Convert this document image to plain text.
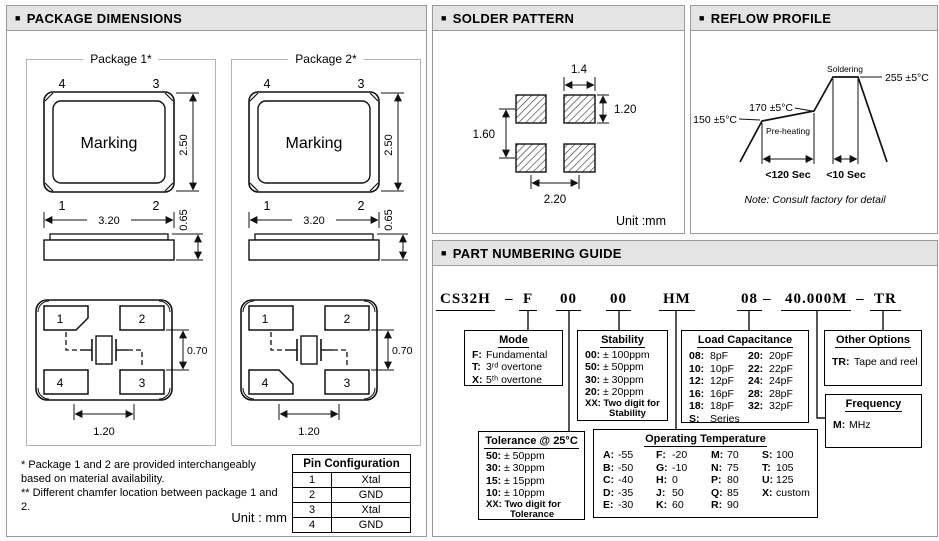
■ PACKAGE DIMENSIONS
Package 1*
4	3
Marking
1	2
2.50
3.20	0.65
1	2
4	3
0.70
1.20
Package 2*
4	3
Marking
1	2
2.50
3.20	0.65
1	2
4	3
0.70
1.20

* Package 1 and 2 are provided interchangeably based on material availability.

** Different chamfer location between package 1 and 2.

Unit : mm
Pin Configuration	
1	Xtal
2	GND
3	Xtal
4	GND
■ SOLDER PATTERN
1.4
1.20
1.60
2.20
Unit :mm
■ REFLOW PROFILE
150 ±5°C
170 ±5°C
Soldering
255 ±5°C
Pre-heating
<120 Sec <10 Sec
Note: Consult factory for detail
■ PART NUMBERING GUIDE
CS32H – F 00 00 HM	08 – 40.000M – TR
Mode
F: Fundamental
T: 3ʳᵈ overtone
X: 5ᵗʰ overtone
Stability
00: ± 100ppm
50: ± 50ppm
30: ± 30ppm
20: ± 20ppm
XX: Two digit for
Stability
Load Capacitance
08: 8pF
10: 10pF
12: 12pF
16: 16pF
18: 18pF
S: Series
20: 20pF
22: 22pF
24: 24pF
28: 28pF
32: 32pF
Other Options
TR: Tape and reel
Frequency
M: MHz
Tolerance @ 25°C
50: ± 50ppm
30: ± 30ppm
15: ± 15ppm
10: ± 10ppm
XX: Two digit for
Tolerance
Operating Temperature
A: -55
B: -50
C: -40
D: -35
E: -30
F: -20
G: -10
H: 0
J: 50
K: 60
M: 70
N: 75
P: 80
Q: 85
R: 90
S: 100
T: 105
U: 125
X: custom
